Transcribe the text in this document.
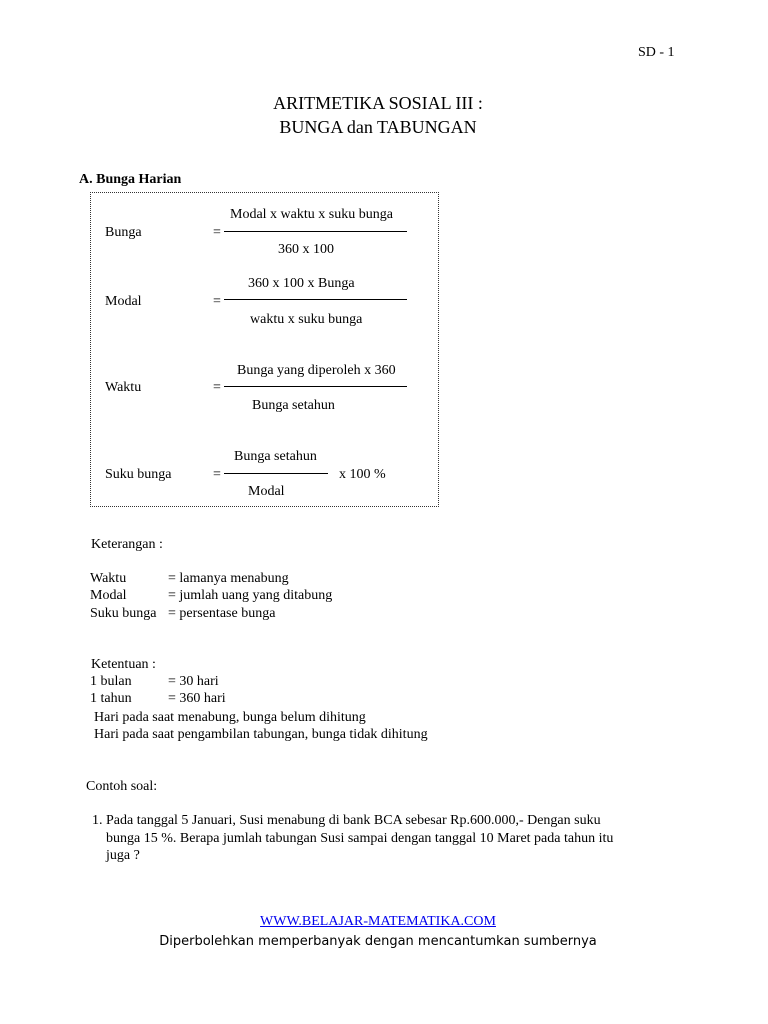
SD - 1
ARITMETIKA SOSIAL III :
BUNGA dan TABUNGAN
A. Bunga Harian
Bunga	=
Modal x waktu x suku bunga
360 x 100
Modal	=
360 x 100 x Bunga
waktu x suku bunga
Waktu	=
Bunga yang diperoleh x 360
Bunga setahun
Suku bunga	=
Bunga setahun
Modal
x 100 %
Keterangan :
Waktu	= lamanya menabung
Modal	= jumlah uang yang ditabung
Suku bunga = persentase bunga
Ketentuan :
1 bulan	= 30 hari
1 tahun	= 360 hari
Hari pada saat menabung, bunga belum dihitung
Hari pada saat pengambilan tabungan, bunga tidak dihitung
Contoh soal:
1. Pada tanggal 5 Januari, Susi menabung di bank BCA sebesar Rp.600.000,- Dengan suku
bunga 15 %. Berapa jumlah tabungan Susi sampai dengan tanggal 10 Maret pada tahun itu
juga ?
WWW.BELAJAR-MATEMATIKA.COM
Diperbolehkan memperbanyak dengan mencantumkan sumbernya
